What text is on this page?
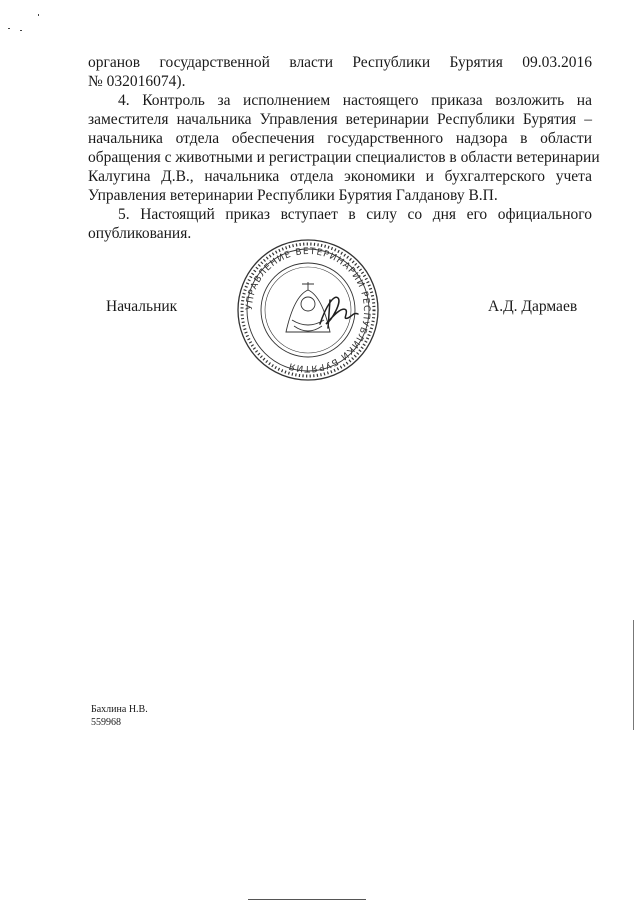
органов государственной власти Республики Бурятия 09.03.2016
№ 032016074).
4. Контроль за исполнением настоящего приказа возложить на
заместителя начальника Управления ветеринарии Республики Бурятия –
начальника отдела обеспечения государственного надзора в области
обращения с животными и регистрации специалистов в области ветеринарии
Калугина Д.В., начальника отдела экономики и бухгалтерского учета
Управления ветеринарии Республики Бурятия Галданову В.П.
5. Настоящий приказ вступает в силу со дня его официального
опубликования.
Начальник	А.Д. Дармаев
УПРАВЛЕНИЕ ВЕТЕРИНАРИИ РЕСПУБЛИКИ БУРЯТИЯ
Бахлина Н.В.
559968
